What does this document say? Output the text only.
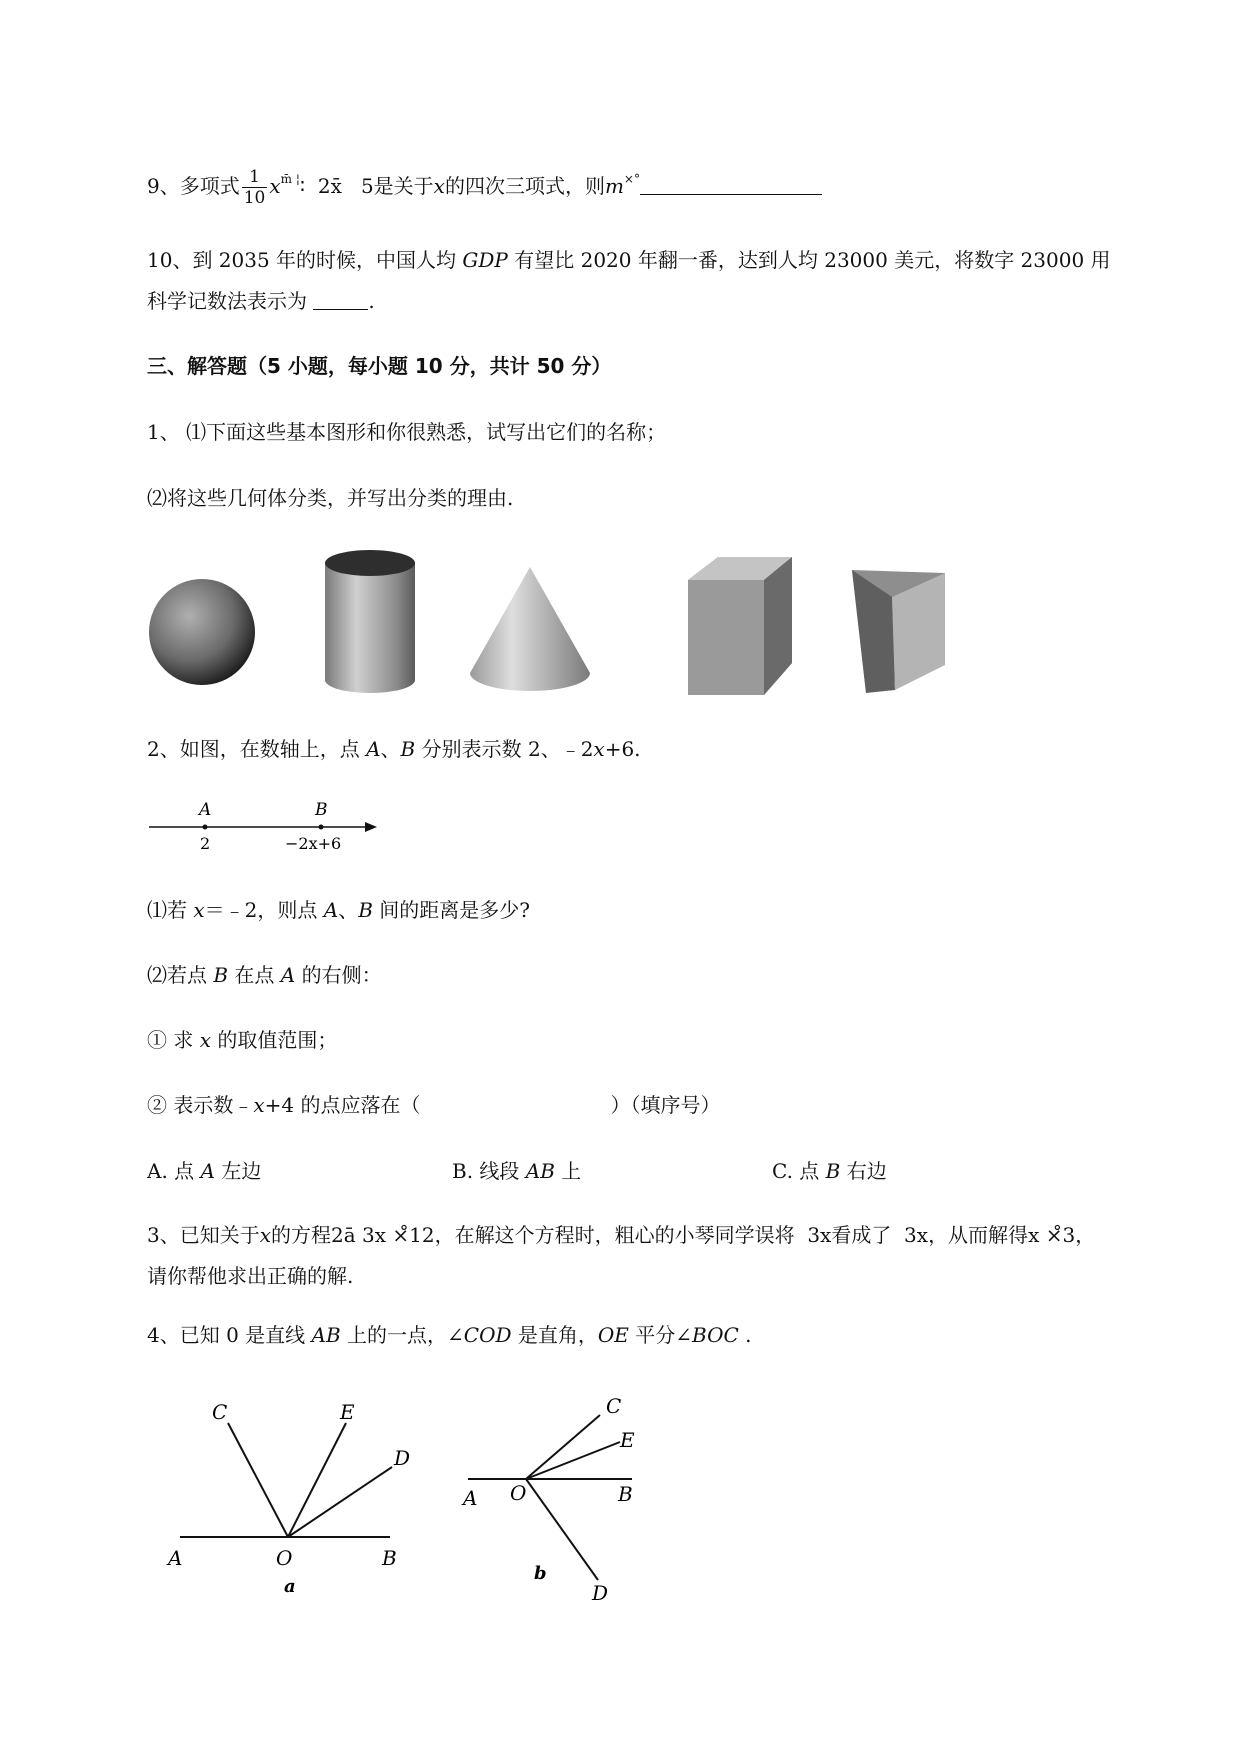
9、多项式 $\frac{1}{10}$ $x^{m̄ ¦}∶$ 2x̄ 5是关于x的四次三项式，则m×°
10、到 2035 年的时候，中国人均 GDP 有望比 2020 年翻一番，达到人均 23000 美元，将数字 23000 用
科学记数法表示为	.
三、解答题（5 小题，每小题 10 分，共计 50 分）
1、 ⑴下面这些基本图形和你很熟悉，试写出它们的名称；
⑵将这些几何体分类，并写出分类的理由.
2、如图，在数轴上，点 A、B 分别表示数 2、﹣2x+6.
A	B
2	−2x+6
⑴若 x＝﹣2，则点 A、B 间的距离是多少?
⑵若点 B 在点 A 的右侧：
① 求 x 的取值范围；
② 表示数﹣x+4 的点应落在（	）（填序号）
A. 点 A 左边	B. 线段 AB 上	C. 点 B 右边
3、已知关于x的方程2ā 3x ×̊12，在解这个方程时，粗心的小琴同学误将 3x看成了 3x，从而解得x ×̊3，
请你帮他求出正确的解.
4、已知 0 是直线 AB 上的一点，∠COD 是直角，OE 平分∠BOC .
C	E
D
A	O	B
a
C
E
A O	B
b
D
